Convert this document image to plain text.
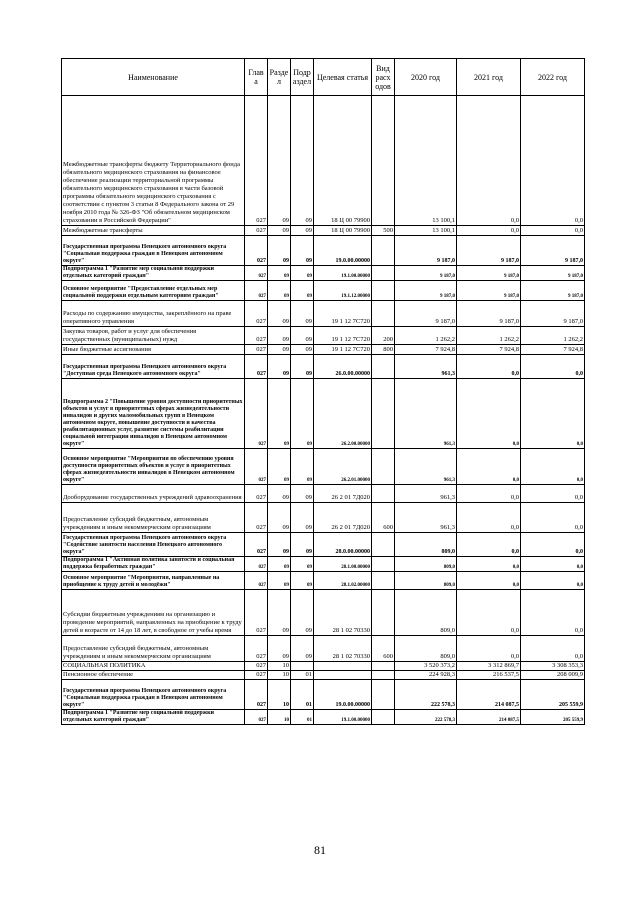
Наименование	Глав а	Разде л	Подр аздел	Целевая статья	Вид расх одов	2020 год	2021 год	2022 год
Межбюджетные трансферты бюджету Территориального фонда обязательного медицинского страхования на финансовое обеспечение реализации территориальной программы обязательного медицинского страхования в части базовой программы обязательного медицинского страхования с соответствии с пунктом 3 статьи 8 Федерального закона от 29 ноября 2010 года № 326-ФЗ "Об обязательном медицинском страховании в Российской Федерации"	027	09	09	18 Ц 00 79900		13 100,1	0,0	0,0
Межбюджетные трансферты	027	09	09	18 Ц 00 79900	500	13 100,1	0,0	0,0
Государственная программа Ненецкого автономного округа "Социальная поддержка граждан в Ненецком автономном округе"	027	09	09	19.0.00.00000		9 187,0	9 187,0	9 187,0
Подпрограмма 1 "Развитие мер социальной поддержки отдельных категорий граждан"	027	09	09	19.1.00.00000		9 187,0	9 187,0	9 187,0
Основное мероприятие "Предоставление отдельных мер социальной поддержки отдельным категориям граждан"	027	09	09	19.1.12.00000		9 187,0	9 187,0	9 187,0
Расходы по содержанию имущества, закреплённого на праве оперативного управления	027	09	09	19 1 12 7С720		9 187,0	9 187,0	9 187,0
Закупка товаров, работ и услуг для обеспечения государственных (муниципальных) нужд	027	09	09	19 1 12 7С720	200	1 262,2	1 262,2	1 262,2
Иные бюджетные ассигнования	027	09	09	19 1 12 7С720	800	7 924,8	7 924,8	7 924,8
Государственная программа Ненецкого автономного округа "Доступная среда Ненецкого автономного округа"	027	09	09	26.0.00.00000		961,3	0,0	0,0
Подпрограмма 2 "Повышение уровня доступности приоритетных объектов и услуг в приоритетных сферах жизнедеятельности инвалидов и других маломобильных групп в Ненецком автономном округе, повышение доступности и качества реабилитационных услуг, развитие системы реабилитации социальной интеграции инвалидов в Ненецком автономном округе"	027	09	09	26.2.00.00000		961,3	0,0	0,0
Основное мероприятие "Мероприятия по обеспечению уровня доступности приоритетных объектов и услуг в приоритетных сферах жизнедеятельности инвалидов в Ненецком автономном округе"	027	09	09	26.2.01.00000		961,3	0,0	0,0
Дооборудование государственных учреждений здравоохранения	027	09	09	26 2 01 7Д020		961,3	0,0	0,0
Предоставление субсидий бюджетным, автономным учреждениям и иным некоммерческим организациям	027	09	09	26 2 01 7Д020	600	961,3	0,0	0,0
Государственная программа Ненецкого автономного округа "Содействие занятости населения Ненецкого автономного округа"	027	09	09	28.0.00.00000		809,0	0,0	0,0
Подпрограмма 1 "Активная политика занятости и социальная поддержка безработных граждан"	027	09	09	28.1.00.00000		809,0	0,0	0,0
Основное мероприятие "Мероприятия, направленные на приобщение к труду детей и молодёжи"	027	09	09	28.1.02.00000		809,0	0,0	0,0
Субсидии бюджетным учреждениям на организацию и проведение мероприятий, направленных на приобщение к труду детей в возрасте от 14 до 18 лет, в свободное от учебы время	027	09	09	28 1 02 70330		809,0	0,0	0,0
Предоставление субсидий бюджетным, автономным учреждениям и иным некоммерческим организациям	027	09	09	28 1 02 70330	600	809,0	0,0	0,0
СОЦИАЛЬНАЯ ПОЛИТИКА	027	10				3 520 373,2	3 312 869,7	3 308 353,3
Пенсионное обеспечение	027	10	01			224 928,3	216 537,5	208 009,9
Государственная программа Ненецкого автономного округа "Социальная поддержка граждан в Ненецком автономном округе"	027	10	01	19.0.00.00000		222 578,3	214 087,5	205 559,9
Подпрограмма 1 "Развитие мер социальной поддержки отдельных категорий граждан"	027	10	01	19.1.00.00000		222 578,3	214 087,5	205 559,9
81
